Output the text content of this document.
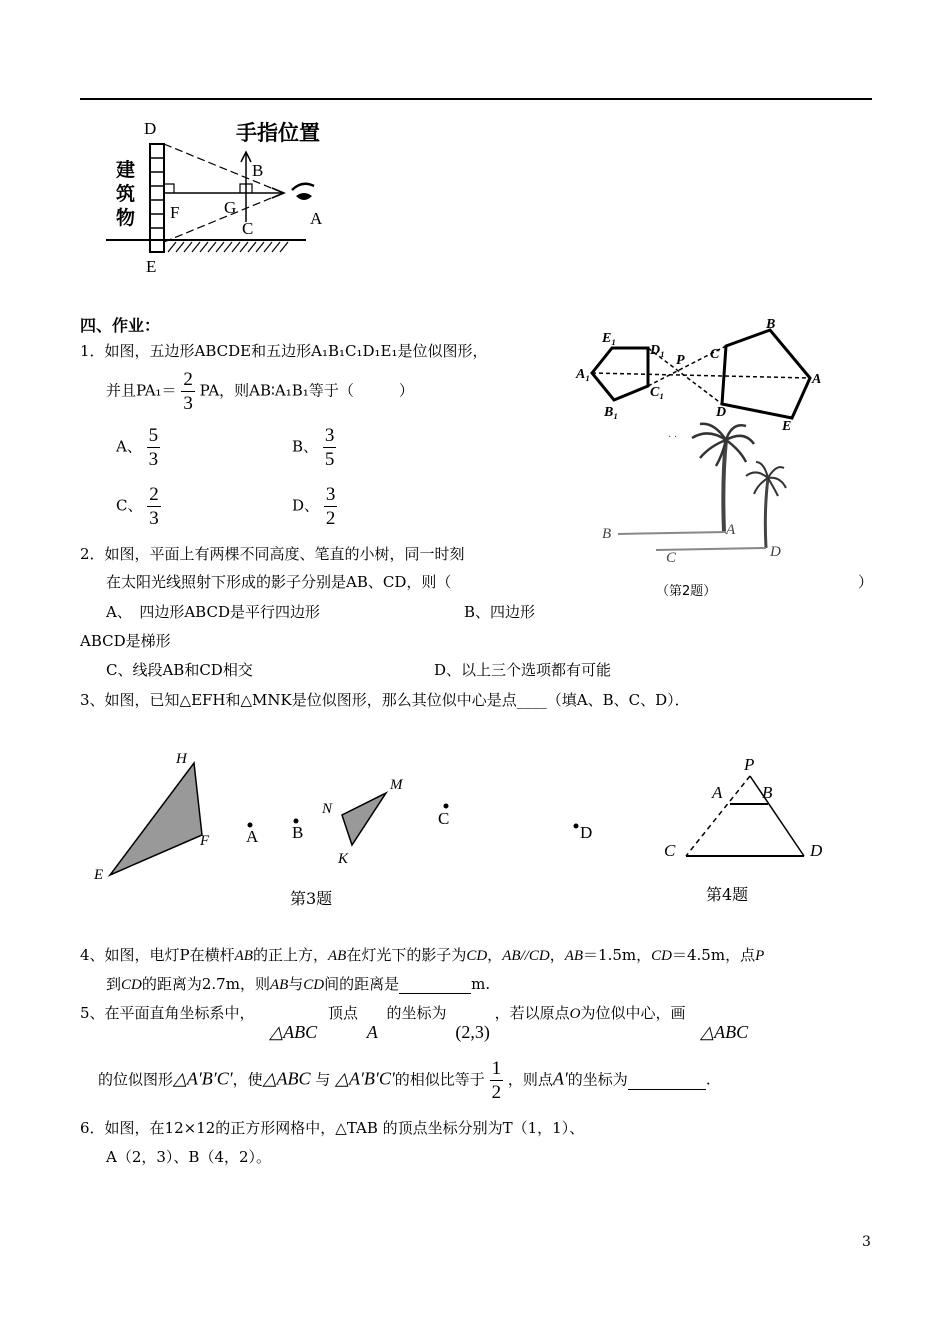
D
E
F	G
B
C
A
手指位置
建
筑
物
四、作业：
1．如图，五边形ABCDE和五边形A₁B₁C₁D₁E₁是位似图形，
并且$PA_1= \frac{2}{3}$ PA，则AB∶A₁B₁等于（　　　）
A、 $\frac{5}{3}$	B、 $\frac{3}{5}$
C、 $\frac{2}{3}$	D、 $\frac{3}{2}$
E₁
D₁
P
A₁
C₁
B₁
B
C
A
D
E
B	A
C	D
· ·
（第2题）
2．如图，平面上有两棵不同高度、笔直的小树，同一时刻
在太阳光线照射下形成的影子分别是AB、CD，则（	）
A、　四边形ABCD是平行四边形	B、四边形
ABCD是梯形
C、线段AB和CD相交	D、以上三个选项都有可能
3、如图，已知△EFH和△MNK是位似图形，那么其位似中心是点____（填A、B、C、D）．
H
F
E
A B
N
M
K
C
D
第3题
P
A B
C	D
第4题
4、如图，电灯P在横杆AB的正上方，AB在灯光下的影子为CD，AB//CD，AB＝1.5m，CD＝4.5m，点P
到CD的距离为2.7m，则AB与CD间的距离是	m.
5、在平面直角坐标系中， △ABC 顶点 A 的坐标为 (2,3) ，若以原点O为位似中心，画 △ABC
的位似图形△A′B′C′，使△ABC 与 △A′B′C′的相似比等于 $\frac{1}{2}$ ，则点A′的坐标为	.
6．如图，在12×12的正方形网格中，△TAB 的顶点坐标分别为T（1，1）、
A（2，3）、B（4，2）。
3
